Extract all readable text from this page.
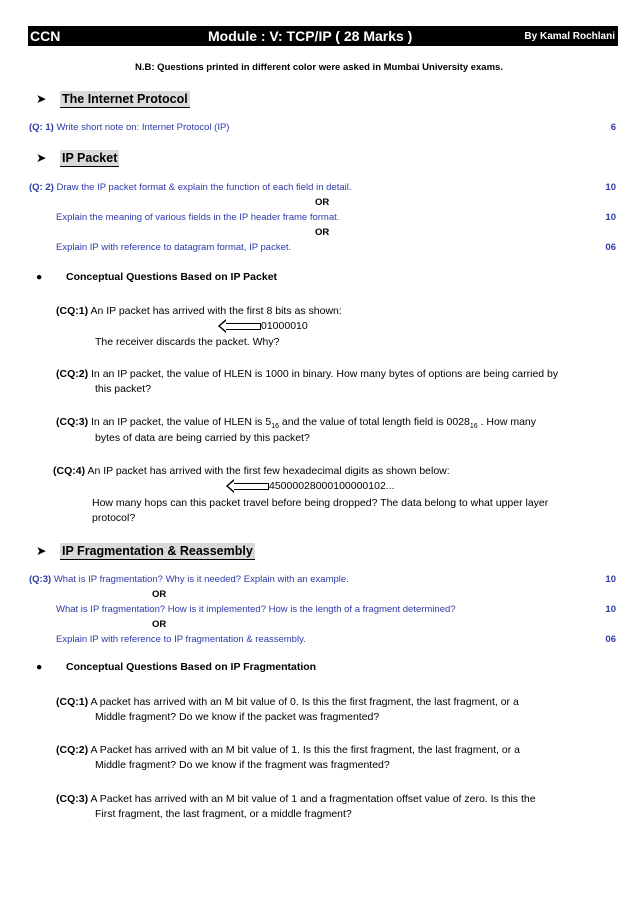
CCN	Module : V: TCP/IP ( 28 Marks )	By Kamal Rochlani
N.B: Questions printed in different color were asked in Mumbai University exams.
➤ The Internet Protocol
(Q: 1) Write short note on: Internet Protocol (IP)	6
➤ IP Packet
(Q: 2) Draw the IP packet format & explain the function of each field in detail.	10
OR
Explain the meaning of various fields in the IP header frame format.	10
OR
Explain IP with reference to datagram format, IP packet.	06
● Conceptual Questions Based on IP Packet
(CQ:1) An IP packet has arrived with the first 8 bits as shown:
01000010
The receiver discards the packet. Why?
(CQ:2) In an IP packet, the value of HLEN is 1000 in binary. How many bytes of options are being carried by
this packet?
(CQ:3) In an IP packet, the value of HLEN is $5_{16}$ and the value of total length field is $0028_{16}$ . How many
bytes of data are being carried by this packet?
(CQ:4) An IP packet has arrived with the first few hexadecimal digits as shown below:
45000028000100000102...
How many hops can this packet travel before being dropped? The data belong to what upper layer
protocol?
➤ IP Fragmentation & Reassembly
(Q:3) What is IP fragmentation? Why is it needed? Explain with an example.	10
OR
What is IP fragmentation? How is it implemented? How is the length of a fragment determined?	10
OR
Explain IP with reference to IP fragmentation & reassembly.	06
● Conceptual Questions Based on IP Fragmentation
(CQ:1) A packet has arrived with an M bit value of 0. Is this the first fragment, the last fragment, or a
Middle fragment? Do we know if the packet was fragmented?
(CQ:2) A Packet has arrived with an M bit value of 1. Is this the first fragment, the last fragment, or a
Middle fragment? Do we know if the fragment was fragmented?
(CQ:3) A Packet has arrived with an M bit value of 1 and a fragmentation offset value of zero. Is this the
First fragment, the last fragment, or a middle fragment?
